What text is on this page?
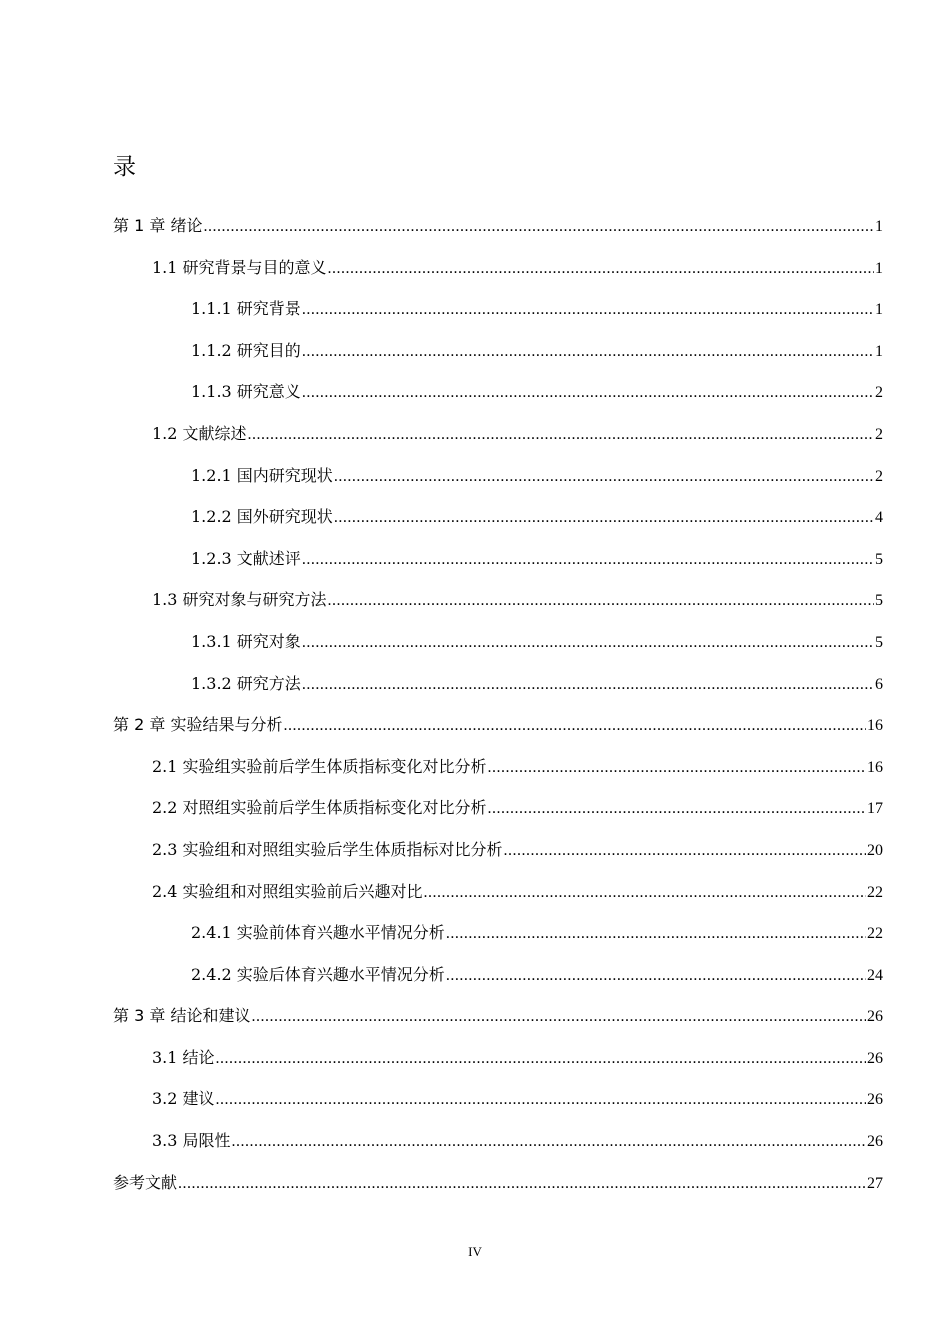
录
第 1 章 绪论 .....	1
1.1 研究背景与目的意义 .....	1
1.1.1 研究背景 .....	1
1.1.2 研究目的 .....	1
1.1.3 研究意义 .....	2
1.2 文献综述 .....	2
1.2.1 国内研究现状 .....	2
1.2.2 国外研究现状 .....	4
1.2.3 文献述评 .....	5
1.3 研究对象与研究方法 .....	5
1.3.1 研究对象 .....	5
1.3.2 研究方法 .....	6
第 2 章 实验结果与分析 .....	16
2.1 实验组实验前后学生体质指标变化对比分析 .....	16
2.2 对照组实验前后学生体质指标变化对比分析 .....	17
2.3 实验组和对照组实验后学生体质指标对比分析 .....	20
2.4 实验组和对照组实验前后兴趣对比 .....	22
2.4.1 实验前体育兴趣水平情况分析 .....	22
2.4.2 实验后体育兴趣水平情况分析 .....	24
第 3 章 结论和建议 .....	26
3.1 结论 .....	26
3.2 建议 .....	26
3.3 局限性 .....	26
参考文献 .....	27
IV
